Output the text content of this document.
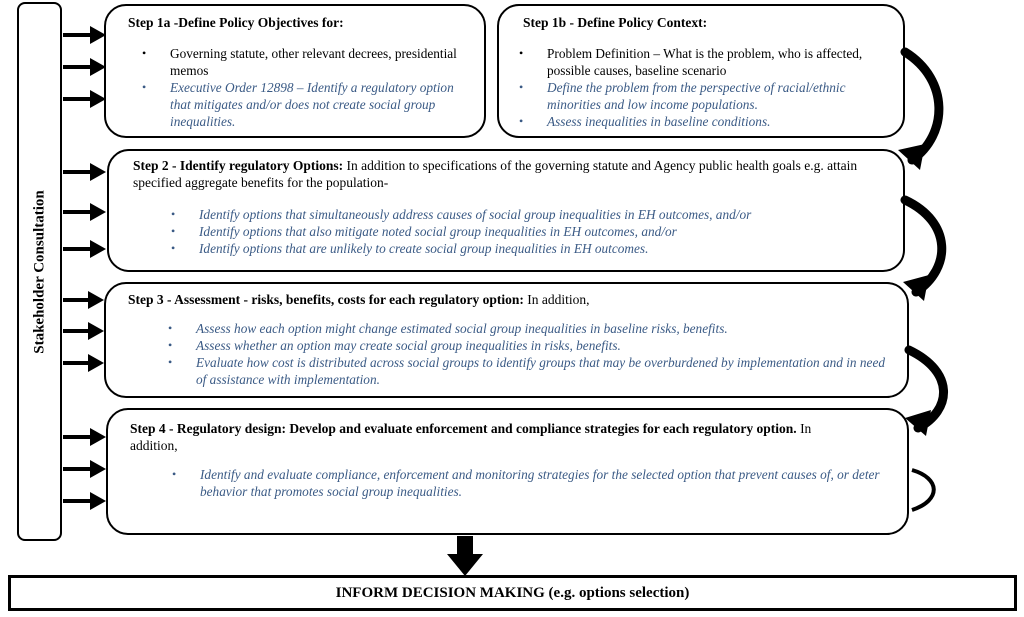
Stakeholder Consultation
Step 1a -Define Policy Objectives for:
• Governing statute, other relevant decrees, presidential memos
• Executive Order 12898 – Identify a regulatory option that mitigates and/or does not create social group inequalities.
Step 1b - Define Policy Context:
• Problem Definition – What is the problem, who is affected, possible causes, baseline scenario
• Define the problem from the perspective of racial/ethnic minorities and low income populations.
• Assess inequalities in baseline conditions.
Step 2 - Identify regulatory Options: In addition to specifications of the governing statute and Agency public health goals e.g. attain specified aggregate benefits for the population-
• Identify options that simultaneously address causes of social group inequalities in EH outcomes, and/or
• Identify options that also mitigate noted social group inequalities in EH outcomes, and/or
• Identify options that are unlikely to create social group inequalities in EH outcomes.
Step 3 - Assessment - risks, benefits, costs for each regulatory option: In addition,
• Assess how each option might change estimated social group inequalities in baseline risks, benefits.
• Assess whether an option may create social group inequalities in risks, benefits.
• Evaluate how cost is distributed across social groups to identify groups that may be overburdened by implementation and in need of assistance with implementation.
Step 4 - Regulatory design: Develop and evaluate enforcement and compliance strategies for each regulatory option. In addition,
• Identify and evaluate compliance, enforcement and monitoring strategies for the selected option that prevent causes of, or deter behavior that promotes social group inequalities.
INFORM DECISION MAKING (e.g. options selection)
